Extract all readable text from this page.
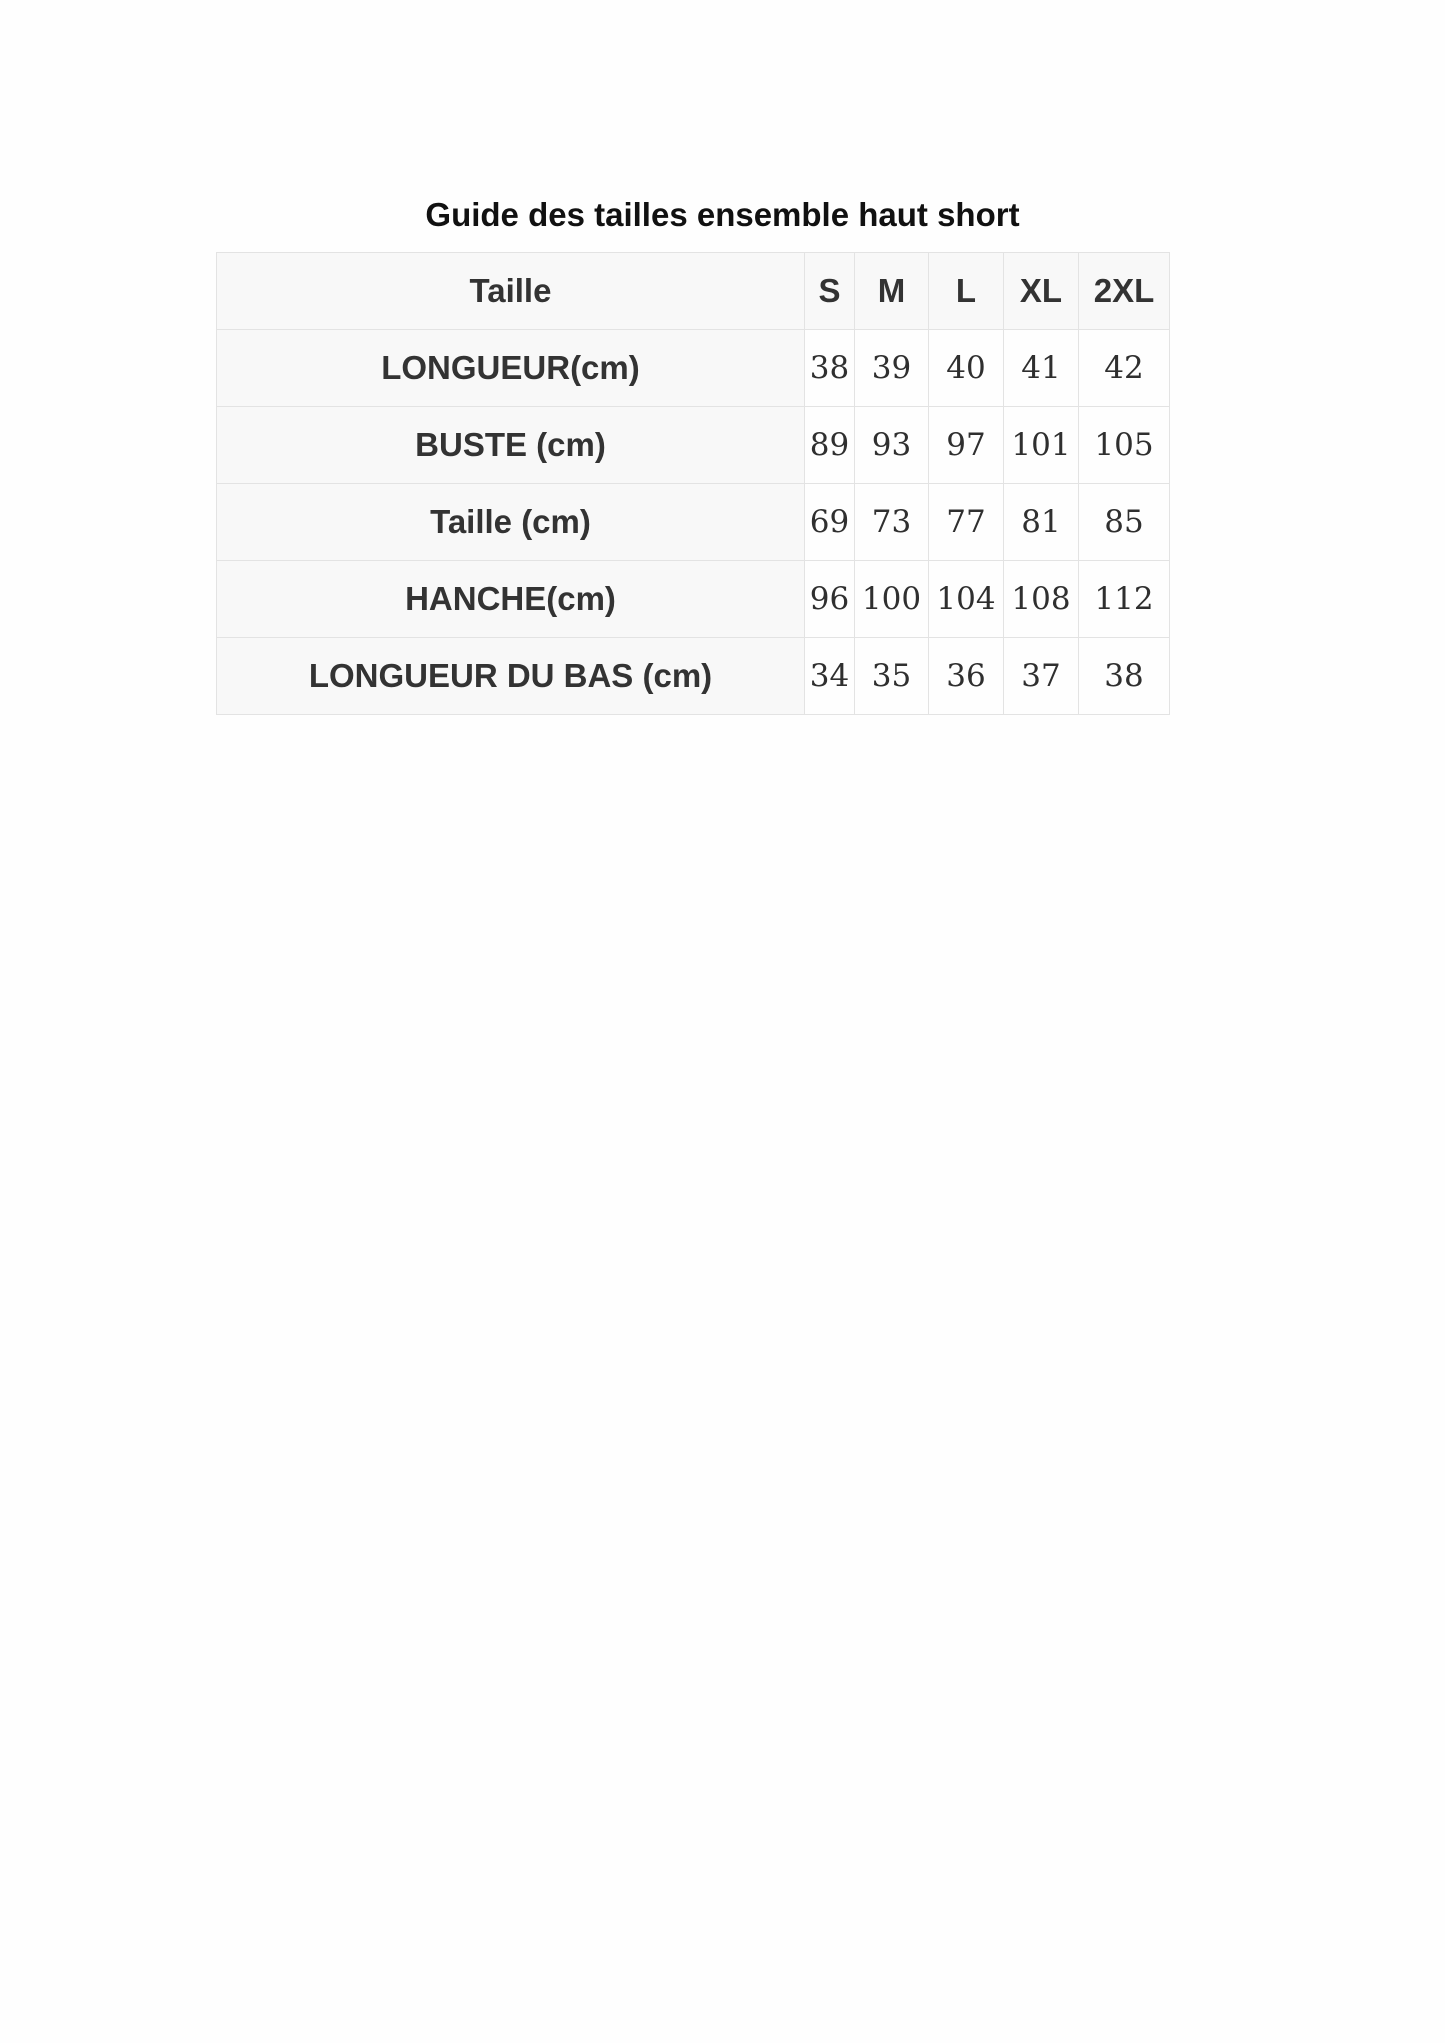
Guide des tailles ensemble haut short
Taille	S	M	L	XL	2XL
LONGUEUR(cm)	38	39	40	41	42
BUSTE (cm)	89	93	97	101	105
Taille (cm)	69	73	77	81	85
HANCHE(cm)	96	100	104	108	112
LONGUEUR DU BAS (cm)	34	35	36	37	38
